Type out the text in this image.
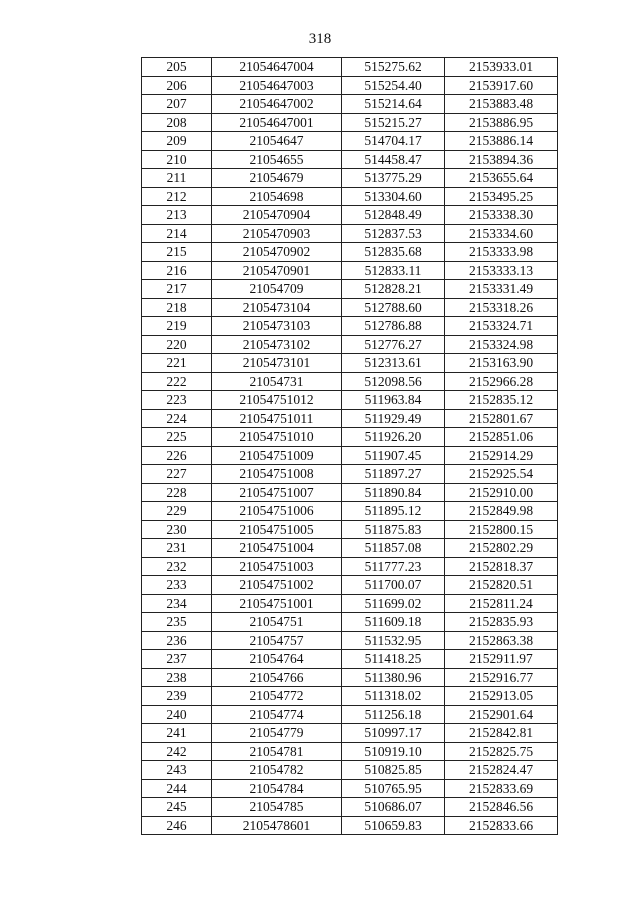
318
205	21054647004	515275.62	2153933.01
206	21054647003	515254.40	2153917.60
207	21054647002	515214.64	2153883.48
208	21054647001	515215.27	2153886.95
209	21054647	514704.17	2153886.14
210	21054655	514458.47	2153894.36
211	21054679	513775.29	2153655.64
212	21054698	513304.60	2153495.25
213	2105470904	512848.49	2153338.30
214	2105470903	512837.53	2153334.60
215	2105470902	512835.68	2153333.98
216	2105470901	512833.11	2153333.13
217	21054709	512828.21	2153331.49
218	2105473104	512788.60	2153318.26
219	2105473103	512786.88	2153324.71
220	2105473102	512776.27	2153324.98
221	2105473101	512313.61	2153163.90
222	21054731	512098.56	2152966.28
223	21054751012	511963.84	2152835.12
224	21054751011	511929.49	2152801.67
225	21054751010	511926.20	2152851.06
226	21054751009	511907.45	2152914.29
227	21054751008	511897.27	2152925.54
228	21054751007	511890.84	2152910.00
229	21054751006	511895.12	2152849.98
230	21054751005	511875.83	2152800.15
231	21054751004	511857.08	2152802.29
232	21054751003	511777.23	2152818.37
233	21054751002	511700.07	2152820.51
234	21054751001	511699.02	2152811.24
235	21054751	511609.18	2152835.93
236	21054757	511532.95	2152863.38
237	21054764	511418.25	2152911.97
238	21054766	511380.96	2152916.77
239	21054772	511318.02	2152913.05
240	21054774	511256.18	2152901.64
241	21054779	510997.17	2152842.81
242	21054781	510919.10	2152825.75
243	21054782	510825.85	2152824.47
244	21054784	510765.95	2152833.69
245	21054785	510686.07	2152846.56
246	2105478601	510659.83	2152833.66
